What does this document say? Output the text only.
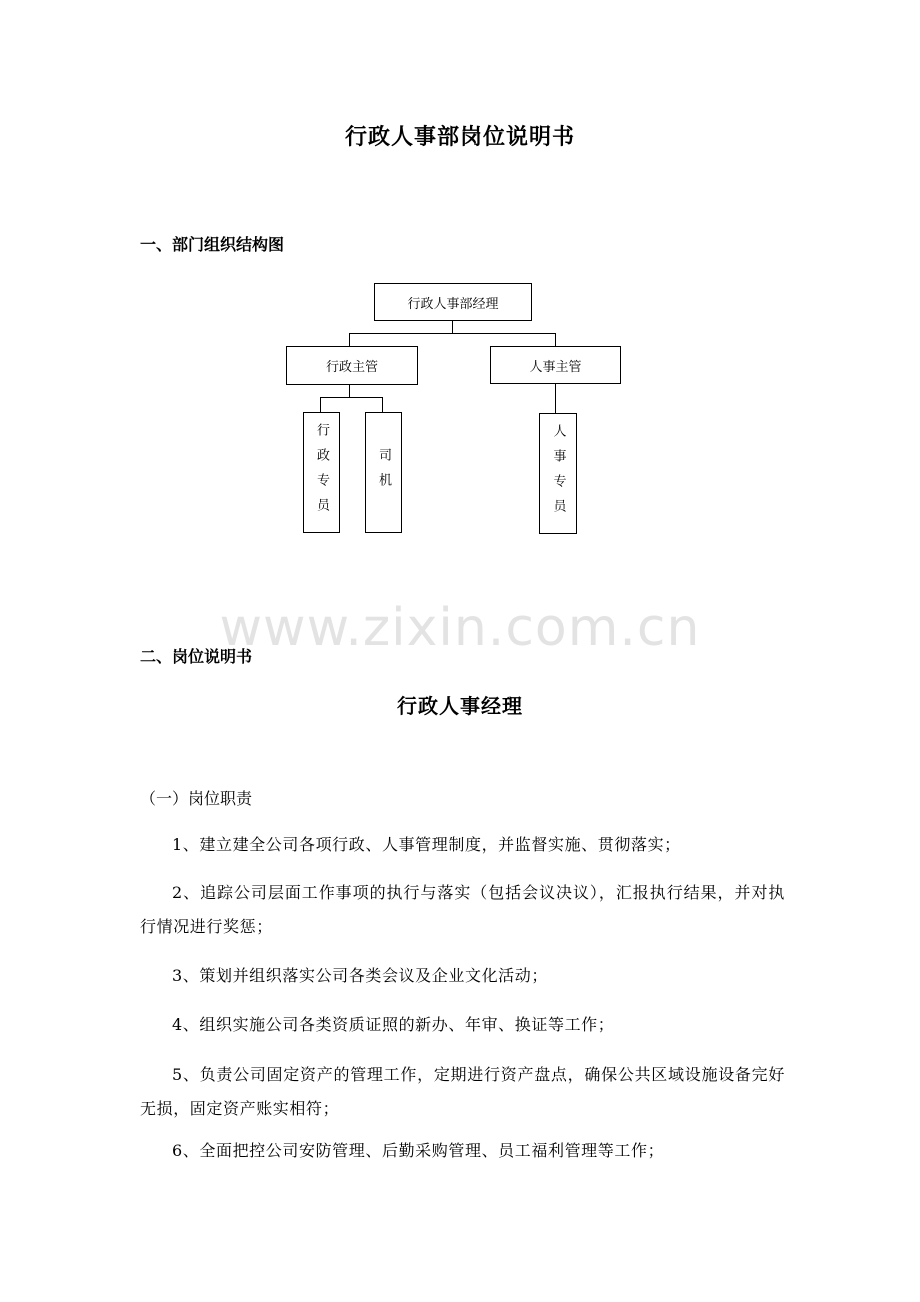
行政人事部岗位说明书
一、部门组织结构图
行政人事部经理
行政主管	人事主管
行政专员	司机	人事专员
www.zixin.com.cn
二、岗位说明书
行政人事经理
（一）岗位职责
1、建立建全公司各项行政、人事管理制度，并监督实施、贯彻落实；
2、追踪公司层面工作事项的执行与落实（包括会议决议），汇报执行结果，并对执行情况进行奖惩；
3、策划并组织落实公司各类会议及企业文化活动；
4、组织实施公司各类资质证照的新办、年审、换证等工作；
5、负责公司固定资产的管理工作，定期进行资产盘点，确保公共区域设施设备完好无损，固定资产账实相符；
6、全面把控公司安防管理、后勤采购管理、员工福利管理等工作；
